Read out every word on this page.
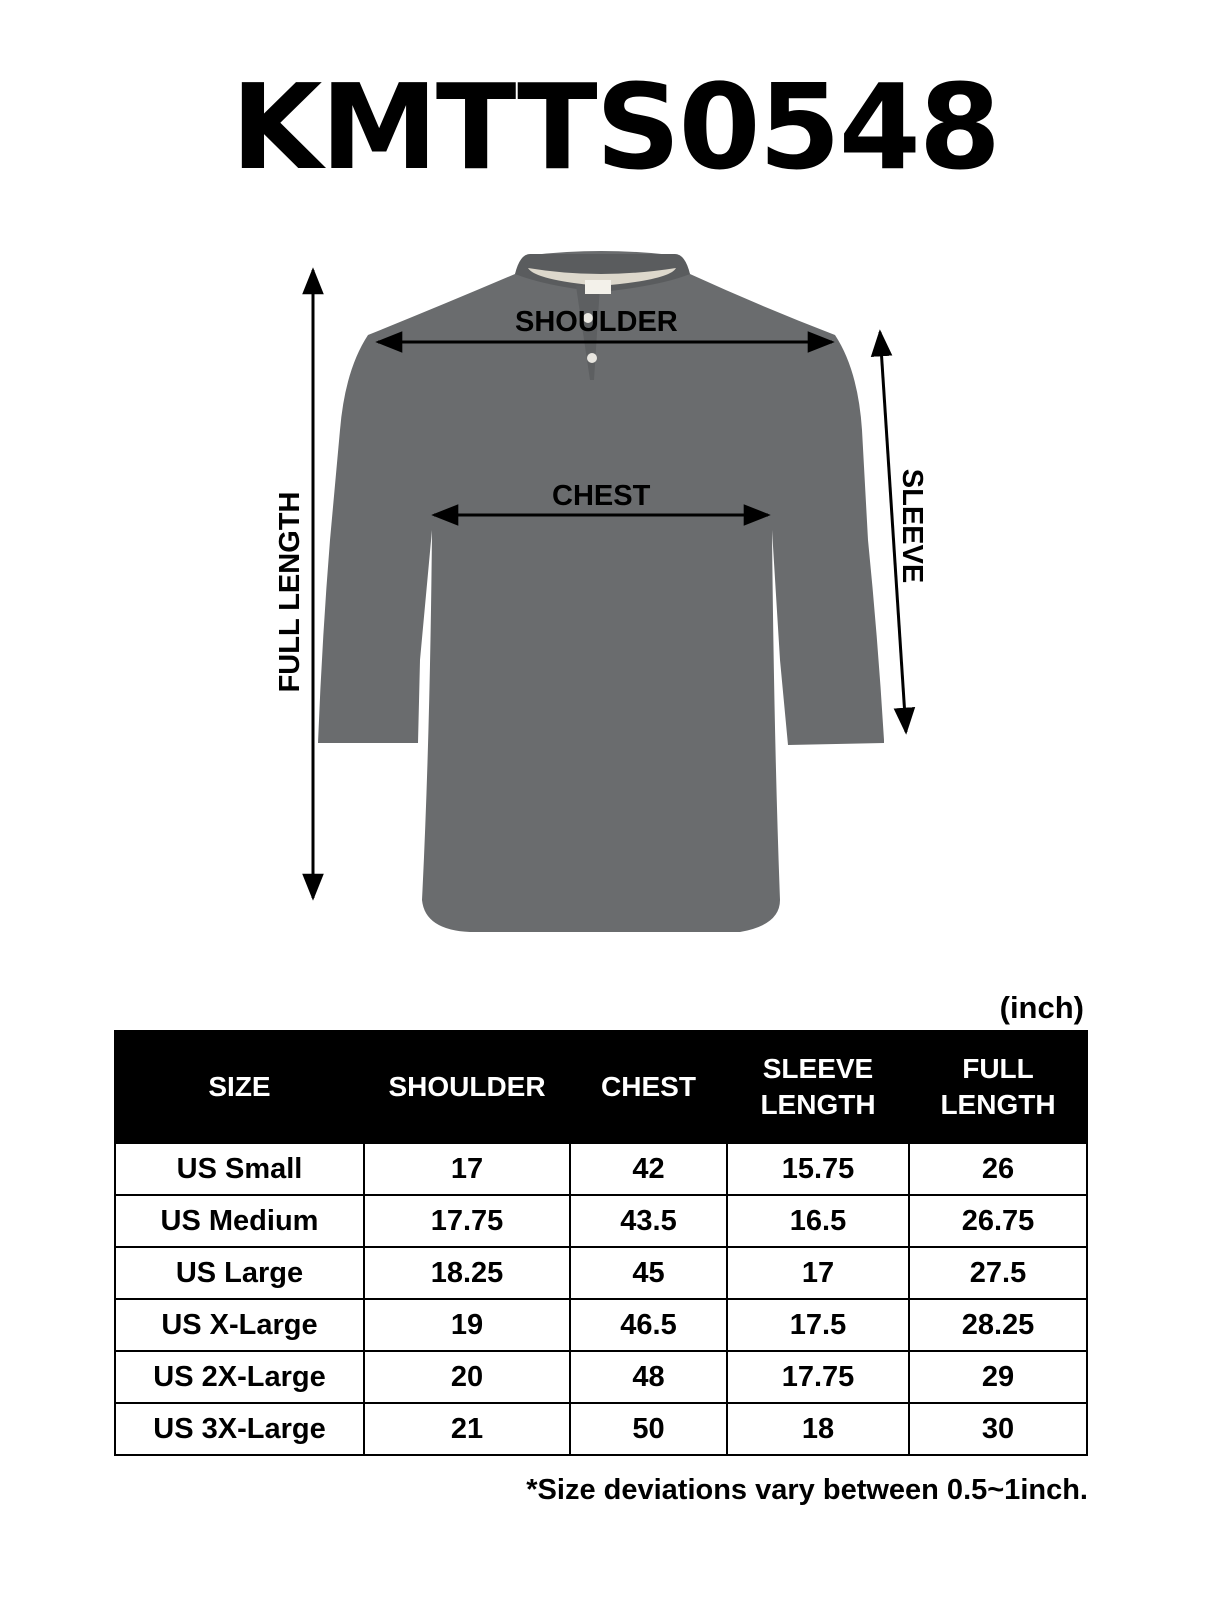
KMTTS0548
SHOULDER
CHEST
FULL LENGTH	SLEEVE
(inch)
SIZE	SHOULDER	CHEST	SLEEVE LENGTH	FULL LENGTH
US Small	17	42	15.75	26
US Medium	17.75	43.5	16.5	26.75
US Large	18.25	45	17	27.5
US X-Large	19	46.5	17.5	28.25
US 2X-Large	20	48	17.75	29
US 3X-Large	21	50	18	30
*Size deviations vary between 0.5~1inch.
